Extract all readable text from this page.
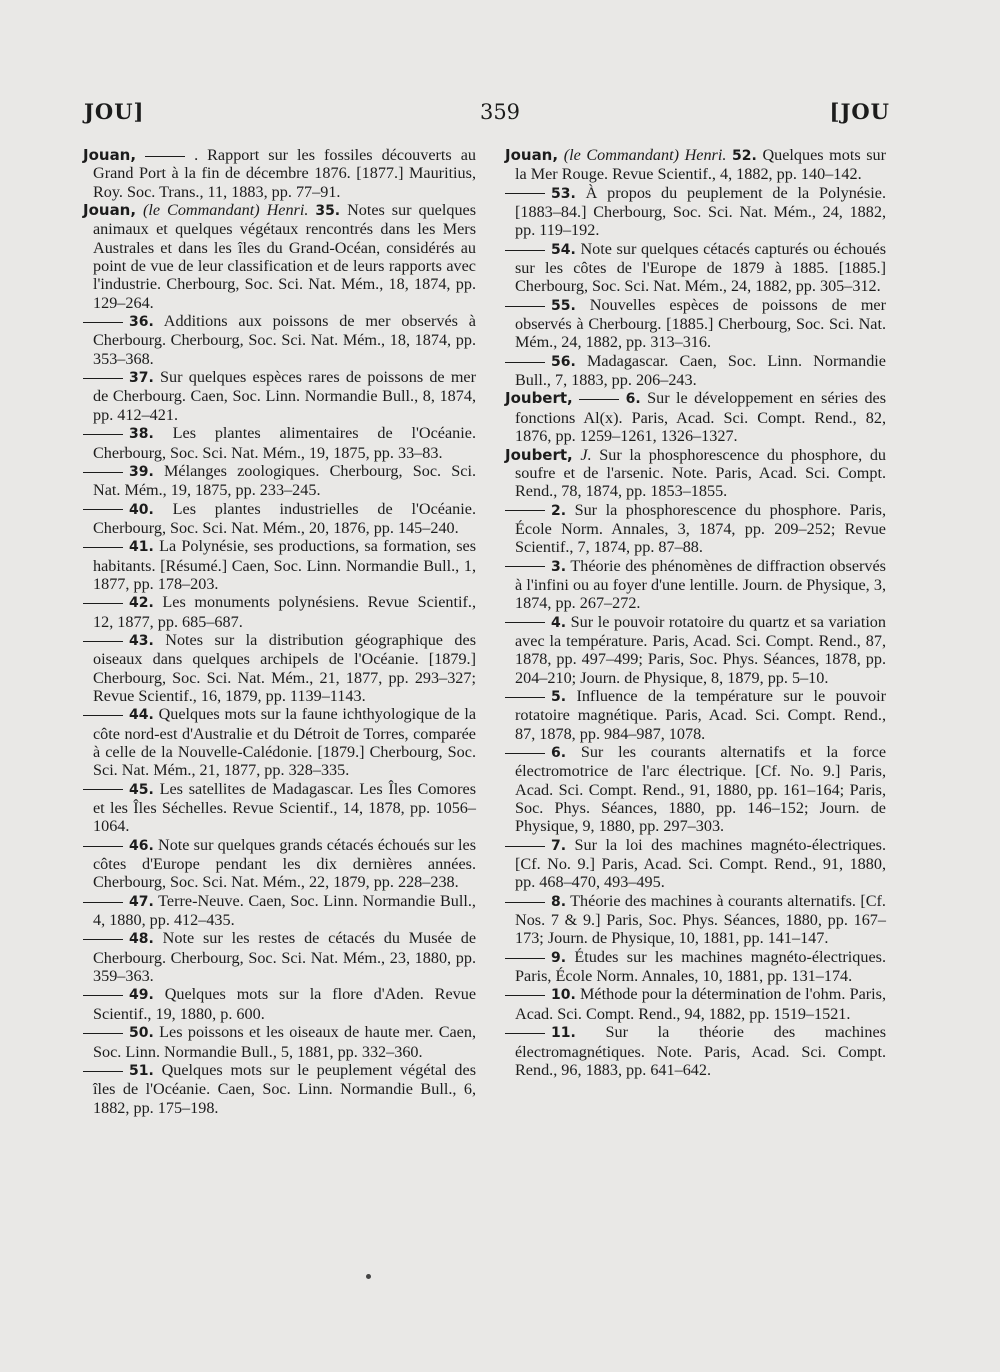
359
JOU]	[JOU

Jouan,	. Rapport sur les fossiles découverts au Grand Port à la fin de décembre 1876. [1877.] Mauritius, Roy. Soc. Trans., 11, 1883, pp. 77–91.

Jouan, (le Commandant) Henri. 35. Notes sur quelques animaux et quelques végétaux rencontrés dans les Mers Australes et dans les îles du Grand-Océan, considérés au point de vue de leur classification et de leurs rapports avec l'industrie. Cherbourg, Soc. Sci. Nat. Mém., 18, 1874, pp. 129–264.

36. Additions aux poissons de mer observés à Cherbourg. Cherbourg, Soc. Sci. Nat. Mém., 18, 1874, pp. 353–368.

37. Sur quelques espèces rares de poissons de mer de Cherbourg. Caen, Soc. Linn. Normandie Bull., 8, 1874, pp. 412–421.

38. Les plantes alimentaires de l'Océanie. Cherbourg, Soc. Sci. Nat. Mém., 19, 1875, pp. 33–83.

39. Mélanges zoologiques. Cherbourg, Soc. Sci. Nat. Mém., 19, 1875, pp. 233–245.

40. Les plantes industrielles de l'Océanie. Cherbourg, Soc. Sci. Nat. Mém., 20, 1876, pp. 145–240.

41. La Polynésie, ses productions, sa formation, ses habitants. [Résumé.] Caen, Soc. Linn. Normandie Bull., 1, 1877, pp. 178–203.

42. Les monuments polynésiens. Revue Scientif., 12, 1877, pp. 685–687.

43. Notes sur la distribution géographique des oiseaux dans quelques archipels de l'Océanie. [1879.] Cherbourg, Soc. Sci. Nat. Mém., 21, 1877, pp. 293–327; Revue Scientif., 16, 1879, pp. 1139–1143.

44. Quelques mots sur la faune ichthyologique de la côte nord-est d'Australie et du Détroit de Torres, comparée à celle de la Nouvelle-Calédonie. [1879.] Cherbourg, Soc. Sci. Nat. Mém., 21, 1877, pp. 328–335.

45. Les satellites de Madagascar. Les Îles Comores et les Îles Séchelles. Revue Scientif., 14, 1878, pp. 1056–1064.

46. Note sur quelques grands cétacés échoués sur les côtes d'Europe pendant les dix dernières années. Cherbourg, Soc. Sci. Nat. Mém., 22, 1879, pp. 228–238.

47. Terre-Neuve. Caen, Soc. Linn. Normandie Bull., 4, 1880, pp. 412–435.

48. Note sur les restes de cétacés du Musée de Cherbourg. Cherbourg, Soc. Sci. Nat. Mém., 23, 1880, pp. 359–363.

49. Quelques mots sur la flore d'Aden. Revue Scientif., 19, 1880, p. 600.

50. Les poissons et les oiseaux de haute mer. Caen, Soc. Linn. Normandie Bull., 5, 1881, pp. 332–360.

51. Quelques mots sur le peuplement végétal des îles de l'Océanie. Caen, Soc. Linn. Normandie Bull., 6, 1882, pp. 175–198.

Jouan, (le Commandant) Henri. 52. Quelques mots sur la Mer Rouge. Revue Scientif., 4, 1882, pp. 140–142.

53. À propos du peuplement de la Polynésie. [1883–84.] Cherbourg, Soc. Sci. Nat. Mém., 24, 1882, pp. 119–192.

54. Note sur quelques cétacés capturés ou échoués sur les côtes de l'Europe de 1879 à 1885. [1885.] Cherbourg, Soc. Sci. Nat. Mém., 24, 1882, pp. 305–312.

55. Nouvelles espèces de poissons de mer observés à Cherbourg. [1885.] Cherbourg, Soc. Sci. Nat. Mém., 24, 1882, pp. 313–316.

56. Madagascar. Caen, Soc. Linn. Normandie Bull., 7, 1883, pp. 206–243.

Joubert,	6. Sur le développement en séries des fonctions Al(x). Paris, Acad. Sci. Compt. Rend., 82, 1876, pp. 1259–1261, 1326–1327.

Joubert, J. Sur la phosphorescence du phosphore, du soufre et de l'arsenic. Note. Paris, Acad. Sci. Compt. Rend., 78, 1874, pp. 1853–1855.

2. Sur la phosphorescence du phosphore. Paris, École Norm. Annales, 3, 1874, pp. 209–252; Revue Scientif., 7, 1874, pp. 87–88.

3. Théorie des phénomènes de diffraction observés à l'infini ou au foyer d'une lentille. Journ. de Physique, 3, 1874, pp. 267–272.

4. Sur le pouvoir rotatoire du quartz et sa variation avec la température. Paris, Acad. Sci. Compt. Rend., 87, 1878, pp. 497–499; Paris, Soc. Phys. Séances, 1878, pp. 204–210; Journ. de Physique, 8, 1879, pp. 5–10.

5. Influence de la température sur le pouvoir rotatoire magnétique. Paris, Acad. Sci. Compt. Rend., 87, 1878, pp. 984–987, 1078.

6. Sur les courants alternatifs et la force électromotrice de l'arc électrique. [Cf. No. 9.] Paris, Acad. Sci. Compt. Rend., 91, 1880, pp. 161–164; Paris, Soc. Phys. Séances, 1880, pp. 146–152; Journ. de Physique, 9, 1880, pp. 297–303.

7. Sur la loi des machines magnéto-électriques. [Cf. No. 9.] Paris, Acad. Sci. Compt. Rend., 91, 1880, pp. 468–470, 493–495.

8. Théorie des machines à courants alternatifs. [Cf. Nos. 7 & 9.] Paris, Soc. Phys. Séances, 1880, pp. 167–173; Journ. de Physique, 10, 1881, pp. 141–147.

9. Études sur les machines magnéto-électriques. Paris, École Norm. Annales, 10, 1881, pp. 131–174.

10. Méthode pour la détermination de l'ohm. Paris, Acad. Sci. Compt. Rend., 94, 1882, pp. 1519–1521.

11. Sur la théorie des machines électromagnétiques. Note. Paris, Acad. Sci. Compt. Rend., 96, 1883, pp. 641–642.
